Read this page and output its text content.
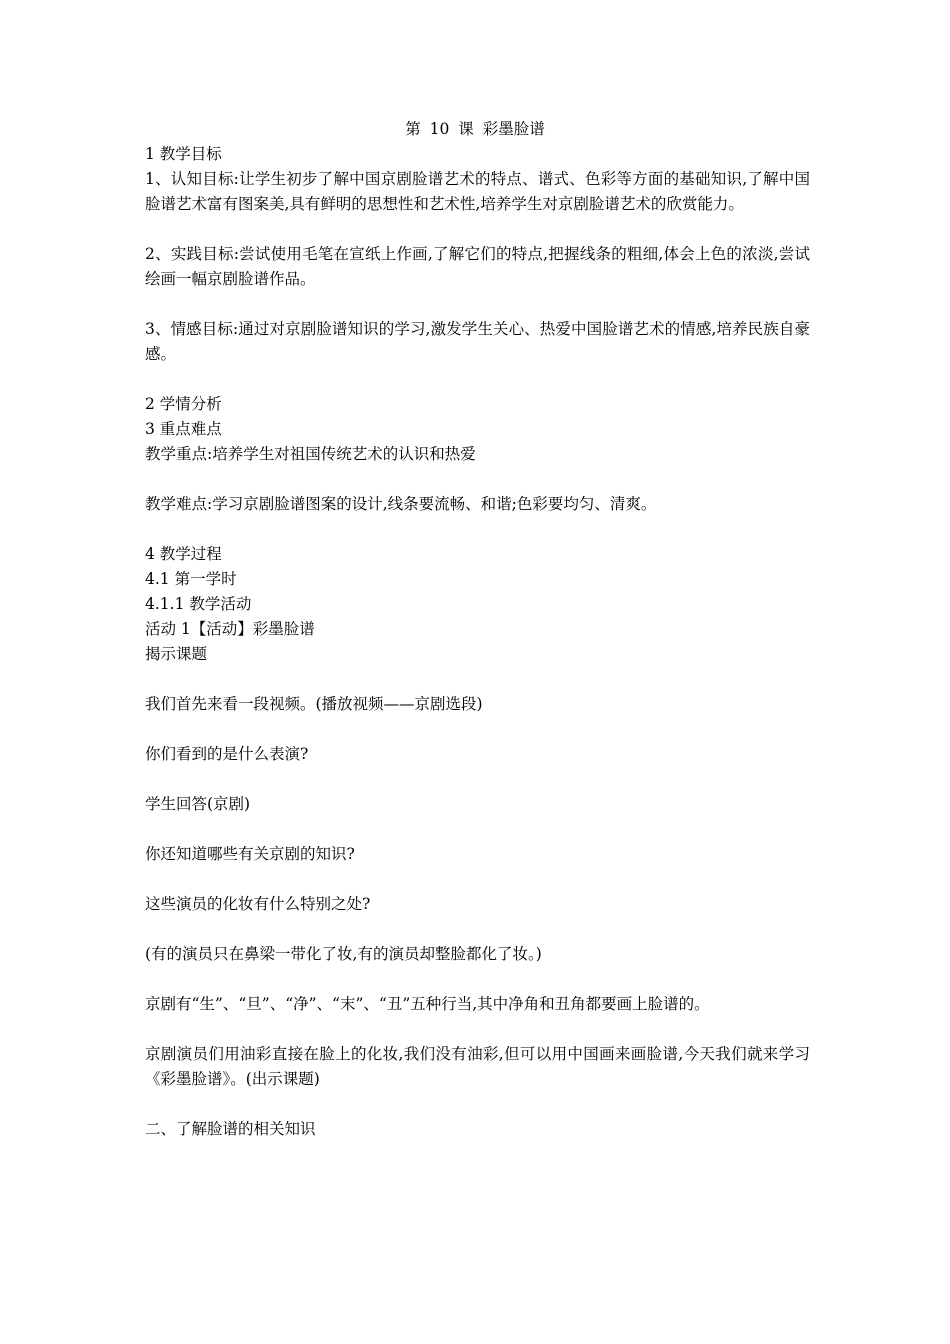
第 10 课 彩墨脸谱

1 教学目标

1、认知目标:让学生初步了解中国京剧脸谱艺术的特点、谱式、色彩等方面的基础知识,了解中国脸谱艺术富有图案美,具有鲜明的思想性和艺术性,培养学生对京剧脸谱艺术的欣赏能力。

2、实践目标:尝试使用毛笔在宣纸上作画,了解它们的特点,把握线条的粗细,体会上色的浓淡,尝试绘画一幅京剧脸谱作品。

3、情感目标:通过对京剧脸谱知识的学习,激发学生关心、热爱中国脸谱艺术的情感,培养民族自豪感。

2 学情分析

3 重点难点

教学重点:培养学生对祖国传统艺术的认识和热爱

教学难点:学习京剧脸谱图案的设计,线条要流畅、和谐;色彩要均匀、清爽。

4 教学过程

4.1 第一学时

4.1.1 教学活动

活动 1【活动】彩墨脸谱

揭示课题

我们首先来看一段视频。(播放视频——京剧选段)

你们看到的是什么表演?

学生回答(京剧)

你还知道哪些有关京剧的知识?

这些演员的化妆有什么特别之处?

(有的演员只在鼻梁一带化了妆,有的演员却整脸都化了妆。)

京剧有“生”、“旦”、“净”、“末”、“丑”五种行当,其中净角和丑角都要画上脸谱的。

京剧演员们用油彩直接在脸上的化妆,我们没有油彩,但可以用中国画来画脸谱,今天我们就来学习《彩墨脸谱》。(出示课题)

二、了解脸谱的相关知识
